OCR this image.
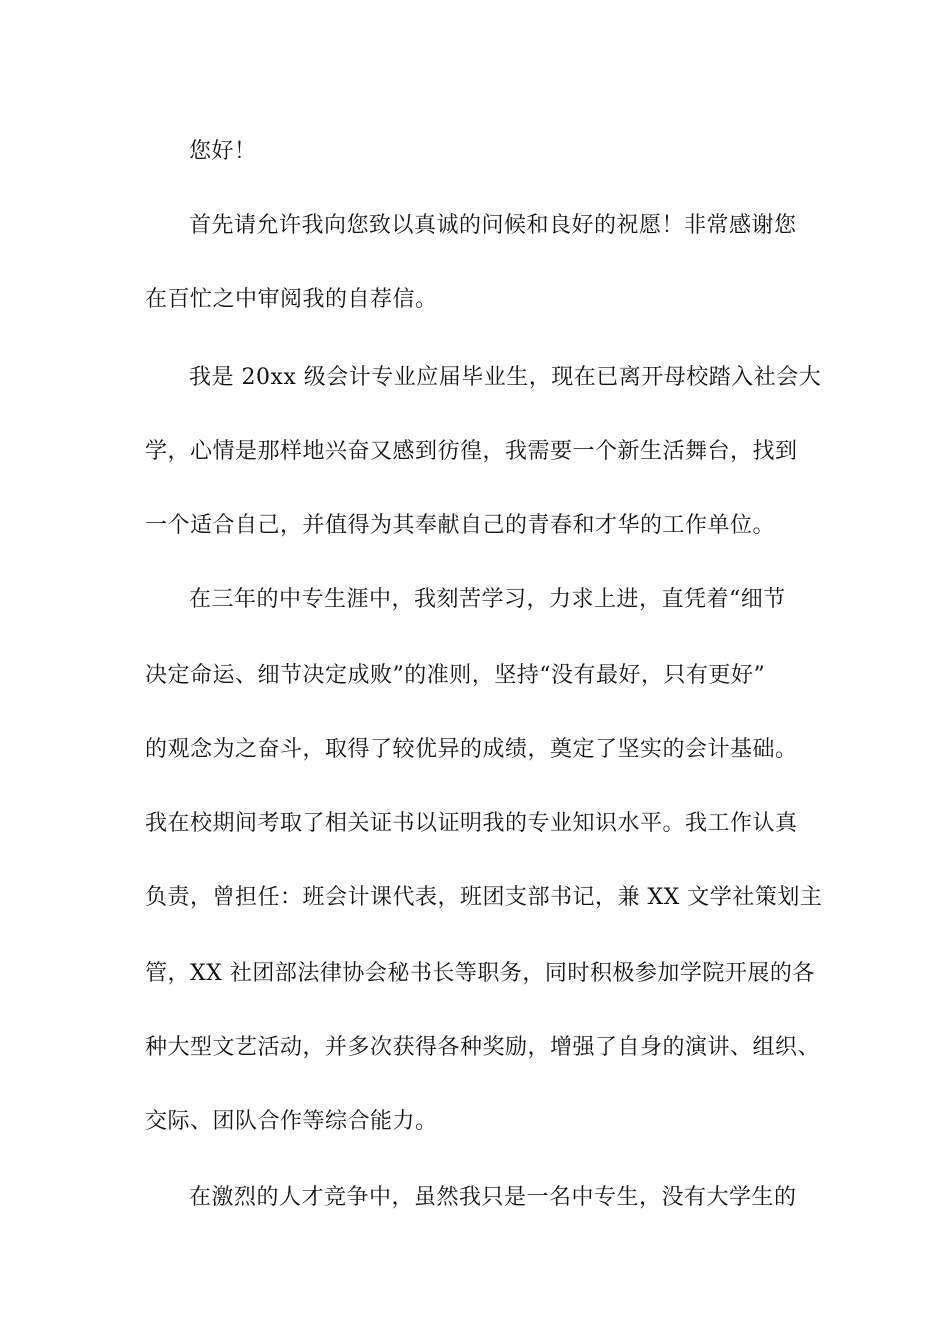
您好！
首先请允许我向您致以真诚的问候和良好的祝愿！非常感谢您
在百忙之中审阅我的自荐信。
我是 20xx 级会计专业应届毕业生，现在已离开母校踏入社会大
学，心情是那样地兴奋又感到彷徨，我需要一个新生活舞台，找到
一个适合自己，并值得为其奉献自己的青春和才华的工作单位。
在三年的中专生涯中，我刻苦学习，力求上进，直凭着“细节
决定命运、细节决定成败”的准则，坚持“没有最好，只有更好”
的观念为之奋斗，取得了较优异的成绩，奠定了坚实的会计基础。
我在校期间考取了相关证书以证明我的专业知识水平。我工作认真
负责，曾担任：班会计课代表，班团支部书记，兼 XX 文学社策划主
管，XX 社团部法律协会秘书长等职务，同时积极参加学院开展的各
种大型文艺活动，并多次获得各种奖励，增强了自身的演讲、组织、
交际、团队合作等综合能力。
在激烈的人才竞争中，虽然我只是一名中专生，没有大学生的
